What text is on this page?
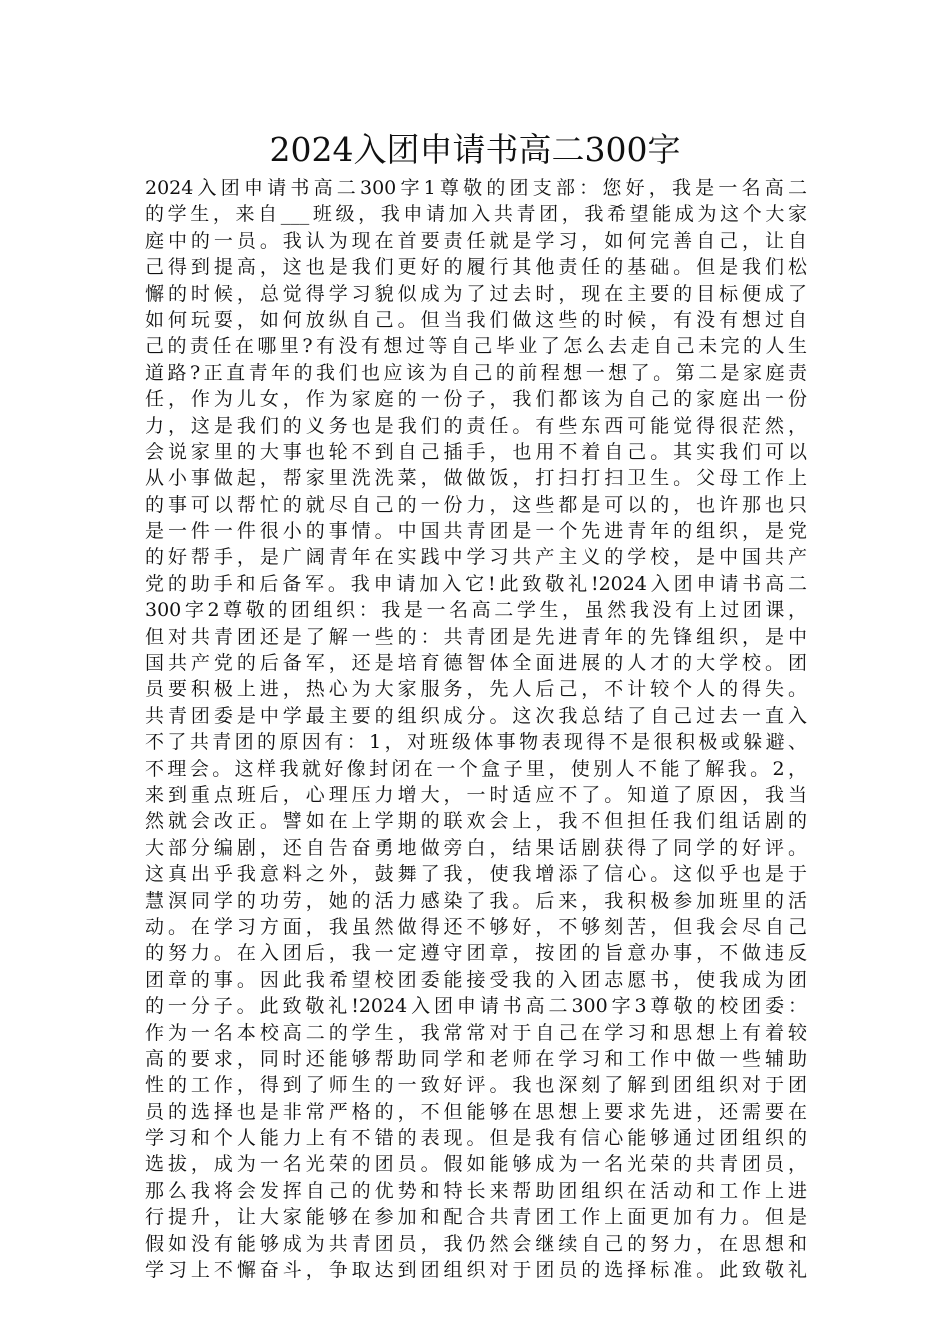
2024入团申请书高二300字
2024入团申请书高二300字1尊敬的团支部：您好，我是一名高二
的学生，来自___班级，我申请加入共青团，我希望能成为这个大家
庭中的一员。我认为现在首要责任就是学习，如何完善自己，让自
己得到提高，这也是我们更好的履行其他责任的基础。但是我们松
懈的时候，总觉得学习貌似成为了过去时，现在主要的目标便成了
如何玩耍，如何放纵自己。但当我们做这些的时候，有没有想过自
己的责任在哪里?有没有想过等自己毕业了怎么去走自己未完的人生
道路?正直青年的我们也应该为自己的前程想一想了。第二是家庭责
任，作为儿女，作为家庭的一份子，我们都该为自己的家庭出一份
力，这是我们的义务也是我们的责任。有些东西可能觉得很茫然，
会说家里的大事也轮不到自己插手，也用不着自己。其实我们可以
从小事做起，帮家里洗洗菜，做做饭，打扫打扫卫生。父母工作上
的事可以帮忙的就尽自己的一份力，这些都是可以的，也许那也只
是一件一件很小的事情。中国共青团是一个先进青年的组织，是党
的好帮手，是广阔青年在实践中学习共产主义的学校，是中国共产
党的助手和后备军。我申请加入它!此致敬礼!2024入团申请书高二
300字2尊敬的团组织：我是一名高二学生，虽然我没有上过团课，
但对共青团还是了解一些的：共青团是先进青年的先锋组织，是中
国共产党的后备军，还是培育德智体全面进展的人才的大学校。团
员要积极上进，热心为大家服务，先人后己，不计较个人的得失。
共青团委是中学最主要的组织成分。这次我总结了自己过去一直入
不了共青团的原因有：1，对班级体事物表现得不是很积极或躲避、
不理会。这样我就好像封闭在一个盒子里，使别人不能了解我。2，
来到重点班后，心理压力增大，一时适应不了。知道了原因，我当
然就会改正。譬如在上学期的联欢会上，我不但担任我们组话剧的
大部分编剧，还自告奋勇地做旁白，结果话剧获得了同学的好评。
这真出乎我意料之外，鼓舞了我，使我增添了信心。这似乎也是于
慧溟同学的功劳，她的活力感染了我。后来，我积极参加班里的活
动。在学习方面，我虽然做得还不够好，不够刻苦，但我会尽自己
的努力。在入团后，我一定遵守团章，按团的旨意办事，不做违反
团章的事。因此我希望校团委能接受我的入团志愿书，使我成为团
的一分子。此致敬礼!2024入团申请书高二300字3尊敬的校团委：
作为一名本校高二的学生，我常常对于自己在学习和思想上有着较
高的要求，同时还能够帮助同学和老师在学习和工作中做一些辅助
性的工作，得到了师生的一致好评。我也深刻了解到团组织对于团
员的选择也是非常严格的，不但能够在思想上要求先进，还需要在
学习和个人能力上有不错的表现。但是我有信心能够通过团组织的
选拔，成为一名光荣的团员。假如能够成为一名光荣的共青团员，
那么我将会发挥自己的优势和特长来帮助团组织在活动和工作上进
行提升，让大家能够在参加和配合共青团工作上面更加有力。但是
假如没有能够成为共青团员，我仍然会继续自己的努力，在思想和
学习上不懈奋斗，争取达到团组织对于团员的选择标准。此致敬礼
